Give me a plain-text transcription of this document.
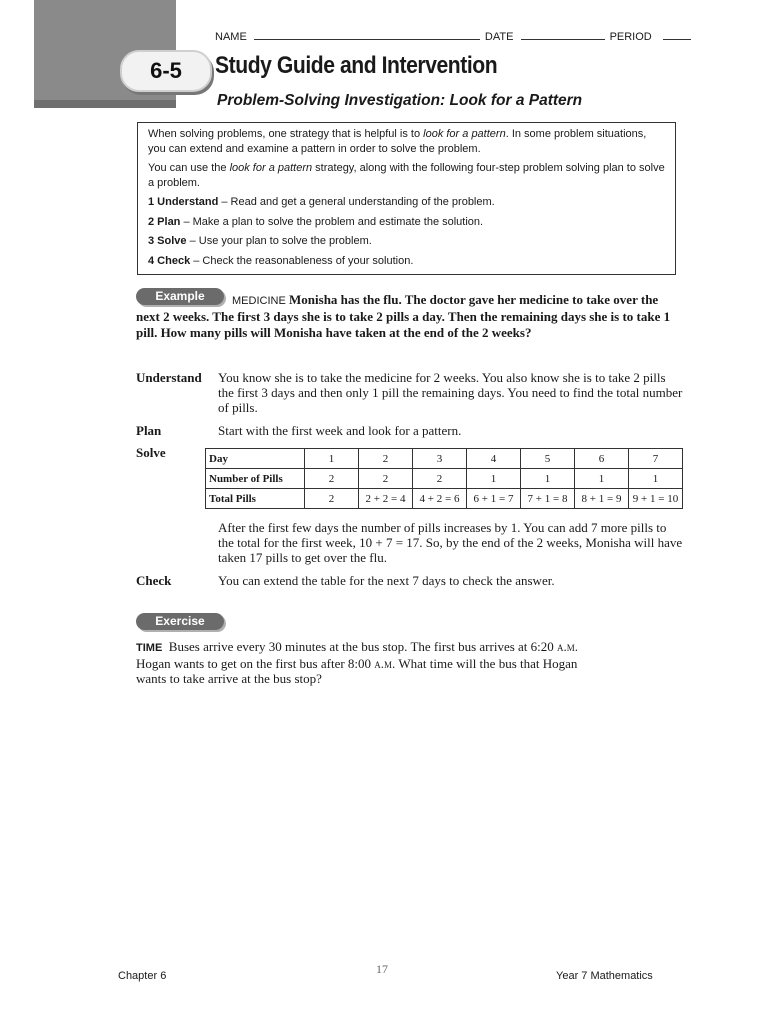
6-5
NAME	DATE	PERIOD
Study Guide and Intervention
Problem-Solving Investigation: Look for a Pattern

When solving problems, one strategy that is helpful is to look for a pattern. In some problem situations, you can extend and examine a pattern in order to solve the problem.

You can use the look for a pattern strategy, along with the following four-step problem solving plan to solve a problem.

1 Understand – Read and get a general understanding of the problem.

2 Plan – Make a plan to solve the problem and estimate the solution.

3 Solve – Use your plan to solve the problem.

4 Check – Check the reasonableness of your solution.

Example	MEDICINE Monisha has the flu. The doctor gave her medicine to take over the next 2 weeks. The first 3 days she is to take 2 pills a day. Then the remaining days she is to take 1 pill. How many pills will Monisha have taken at the end of the 2 weeks?
Understand You know she is to take the medicine for 2 weeks. You also know she is to take 2 pills the first 3 days and then only 1 pill the remaining days. You need to find the total number of pills.
Plan	Start with the first week and look for a pattern.
Solve	Day	1	2	3	4	5	6	7
Number of Pills	2	2	2	1	1	1	1
Total Pills	2	2 + 2 = 4	4 + 2 = 6	6 + 1 = 7	7 + 1 = 8	8 + 1 = 9	9 + 1 = 10
After the first few days the number of pills increases by 1. You can add 7 more pills to the total for the first week, 10 + 7 = 17. So, by the end of the 2 weeks, Monisha will have taken 17 pills to get over the flu.
Check	You can extend the table for the next 7 days to check the answer.
Exercise
TIME Buses arrive every 30 minutes at the bus stop. The first bus arrives at 6:20 a.m. Hogan wants to get on the first bus after 8:00 a.m. What time will the bus that Hogan wants to take arrive at the bus stop?
Chapter 6	17	Year 7 Mathematics
